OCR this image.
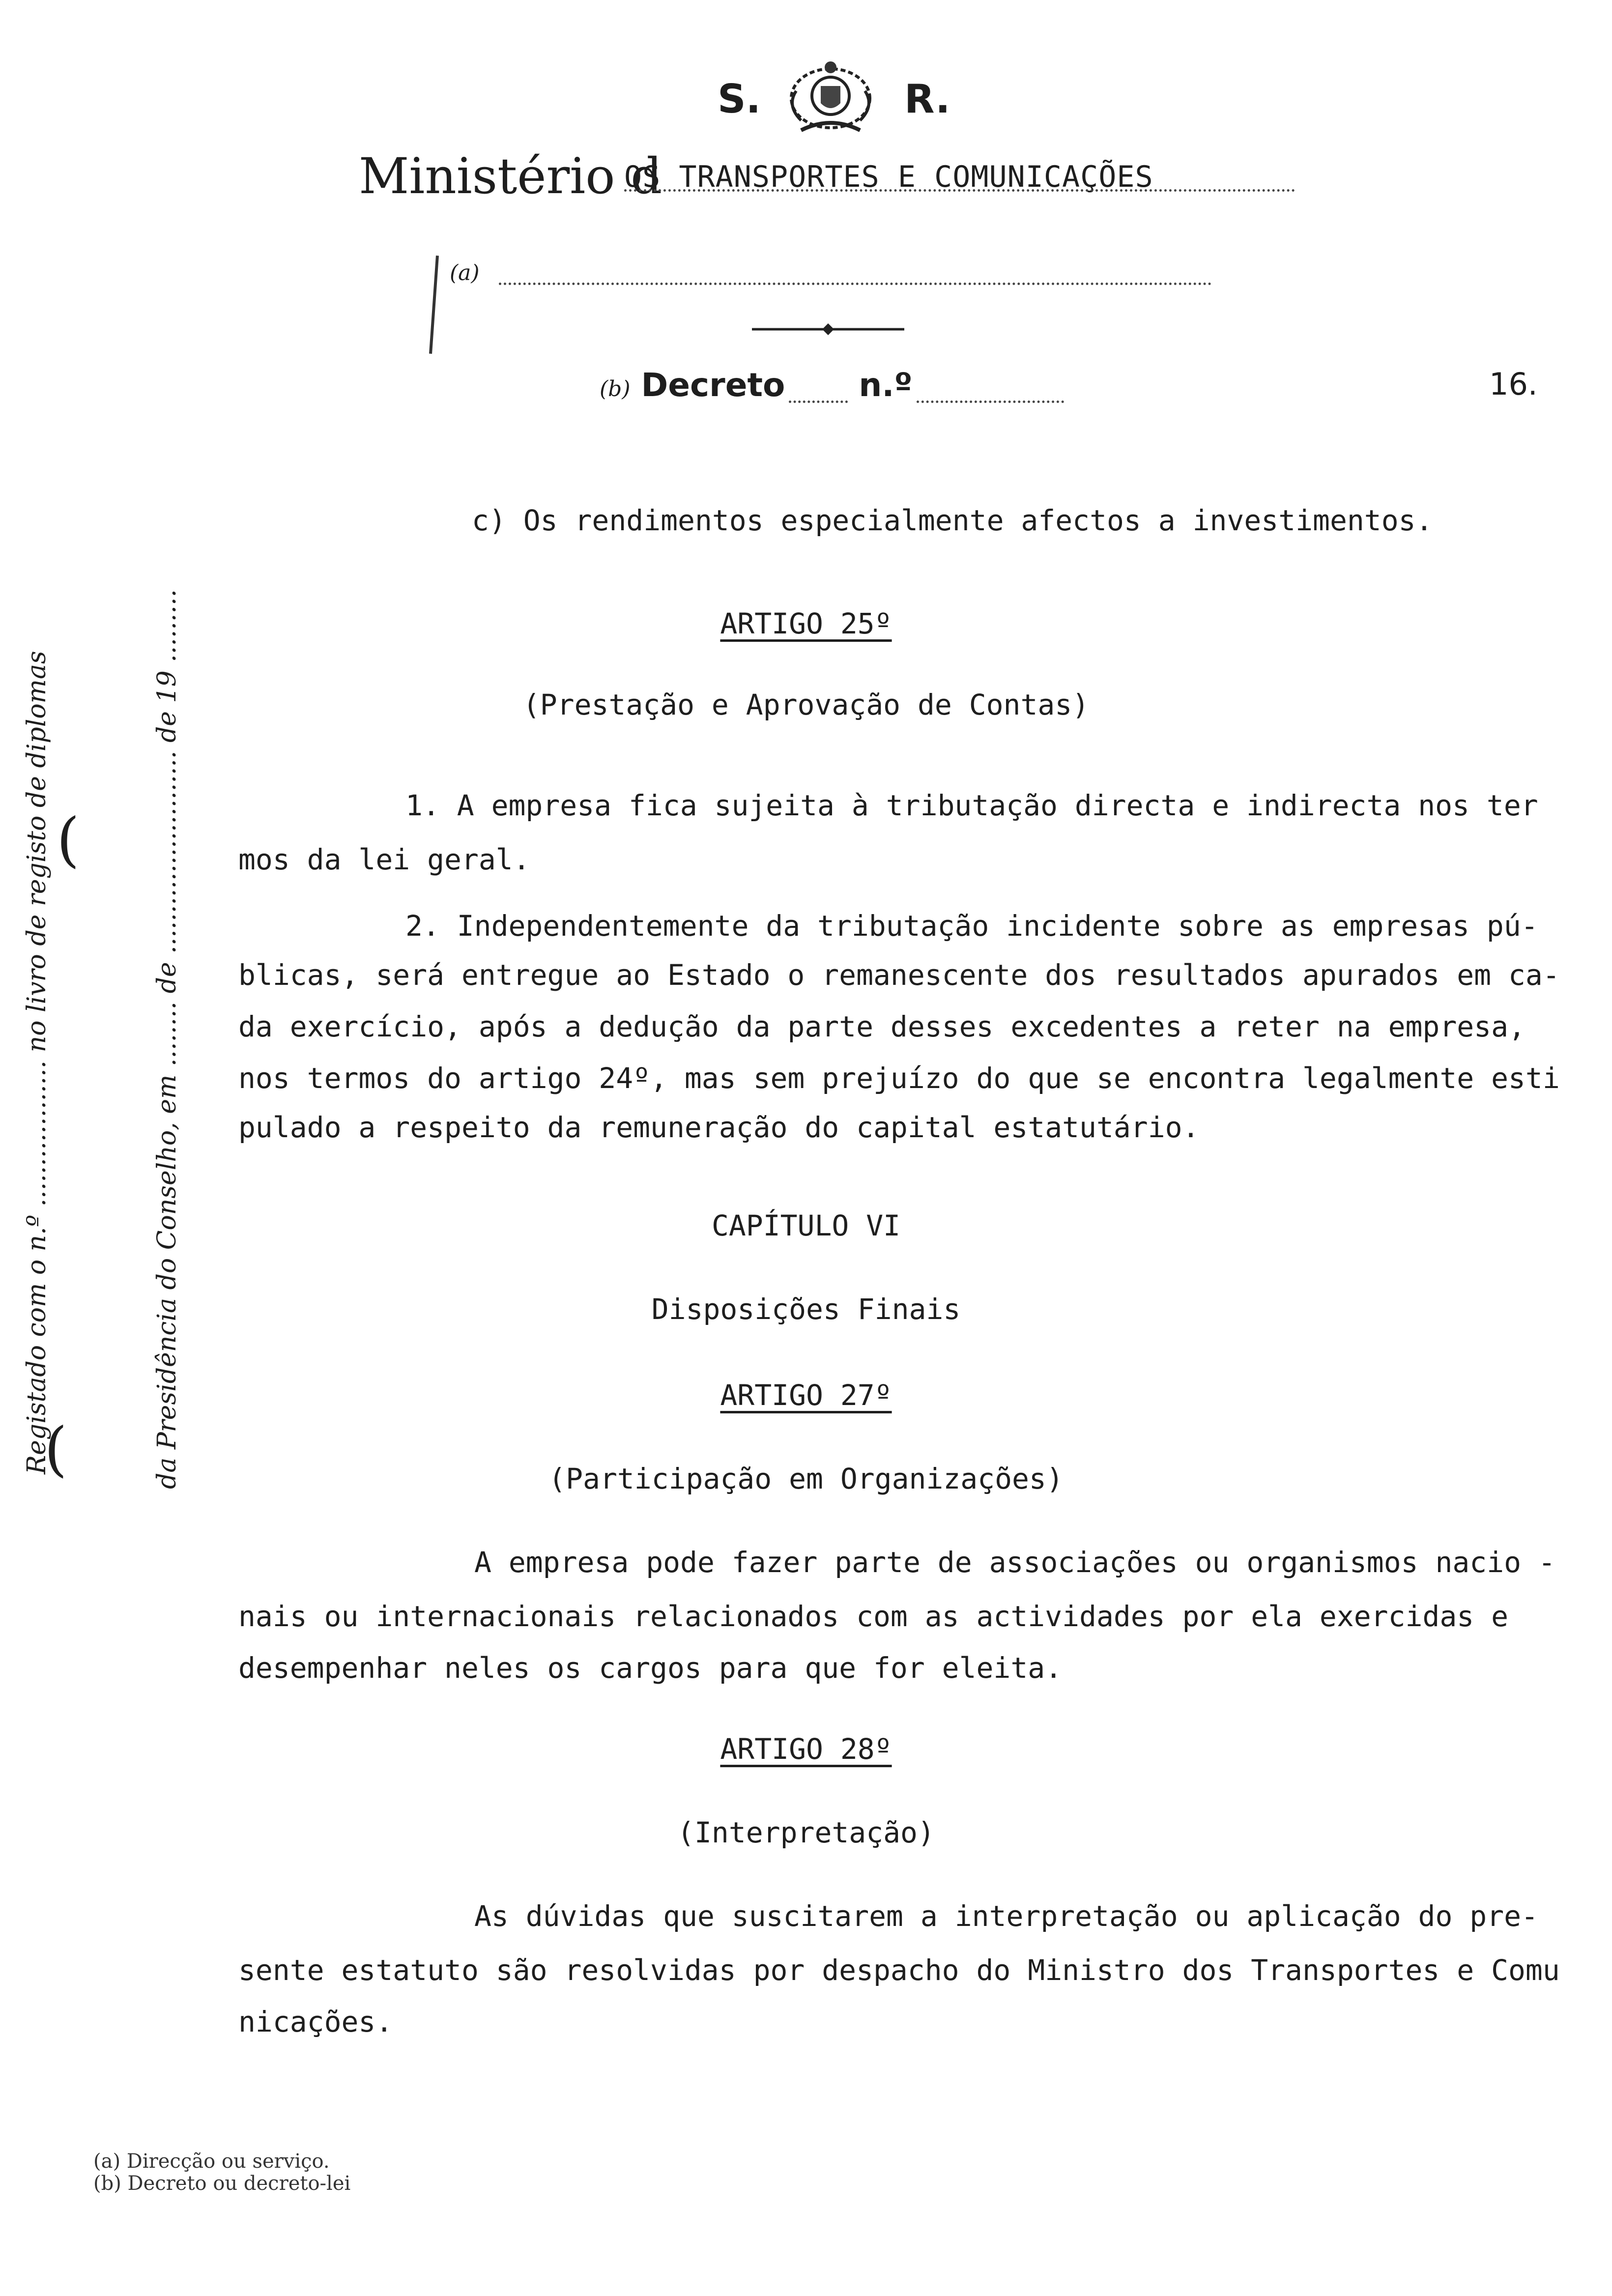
S.	R.
Ministério d
OS TRANSPORTES E COMUNICAÇÕES
(a)
(b) Decreto n.º	16.
c) Os rendimentos especialmente afectos a investimentos.
ARTIGO 25º
(Prestação e Aprovação de Contas)
1. A empresa fica sujeita à tributação directa e indirecta nos ter
mos da lei geral.
2. Independentemente da tributação incidente sobre as empresas pú-
blicas, será entregue ao Estado o remanescente dos resultados apurados em ca-
da exercício, após a dedução da parte desses excedentes a reter na empresa,
nos termos do artigo 24º, mas sem prejuízo do que se encontra legalmente esti
pulado a respeito da remuneração do capital estatutário.
CAPÍTULO VI
Disposições Finais
ARTIGO 27º
(Participação em Organizações)
A empresa pode fazer parte de associações ou organismos nacio -
nais ou internacionais relacionados com as actividades por ela exercidas e
desempenhar neles os cargos para que for eleita.
ARTIGO 28º
(Interpretação)
As dúvidas que suscitarem a interpretação ou aplicação do pre-
sente estatuto são resolvidas por despacho do Ministro dos Transportes e Comu
nicações.
(
(
Registado com o n.º .................. no livro de registo de diplomas	da Presidência do Conselho, em ........ de ......................... de 19 .........
(a) Direcção ou serviço.
(b) Decreto ou decreto-lei
